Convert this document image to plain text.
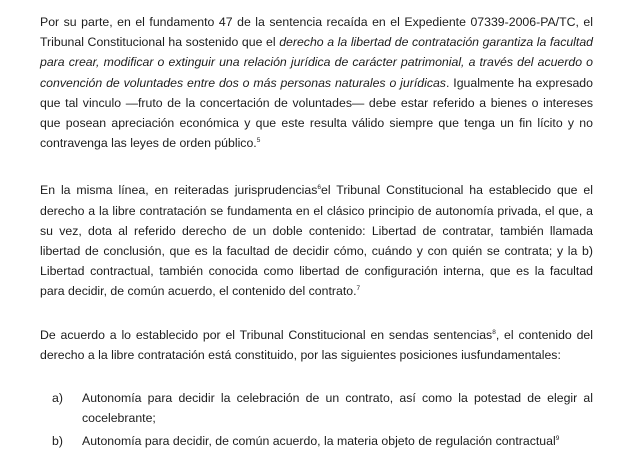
Por su parte, en el fundamento 47 de la sentencia recaída en el Expediente 07339-2006-PA/TC, el Tribunal Constitucional ha sostenido que el derecho a la libertad de contratación garantiza la facultad para crear, modificar o extinguir una relación jurídica de carácter patrimonial, a través del acuerdo o convención de voluntades entre dos o más personas naturales o jurídicas. Igualmente ha expresado que tal vinculo —fruto de la concertación de voluntades— debe estar referido a bienes o intereses que posean apreciación económica y que este resulta válido siempre que tenga un fin lícito y no contravenga las leyes de orden público.$^5$

En la misma línea, en reiteradas jurisprudencias$^6$el Tribunal Constitucional ha establecido que el derecho a la libre contratación se fundamenta en el clásico principio de autonomía privada, el que, a su vez, dota al referido derecho de un doble contenido: Libertad de contratar, también llamada libertad de conclusión, que es la facultad de decidir cómo, cuándo y con quién se contrata; y la b) Libertad contractual, también conocida como libertad de configuración interna, que es la facultad para decidir, de común acuerdo, el contenido del contrato.$^7$

De acuerdo a lo establecido por el Tribunal Constitucional en sendas sentencias$^8$, el contenido del derecho a la libre contratación está constituido, por las siguientes posiciones iusfundamentales:

a)	Autonomía para decidir la celebración de un contrato, así como la potestad de elegir al cocelebrante;
b)	Autonomía para decidir, de común acuerdo, la materia objeto de regulación contractual$^9$
